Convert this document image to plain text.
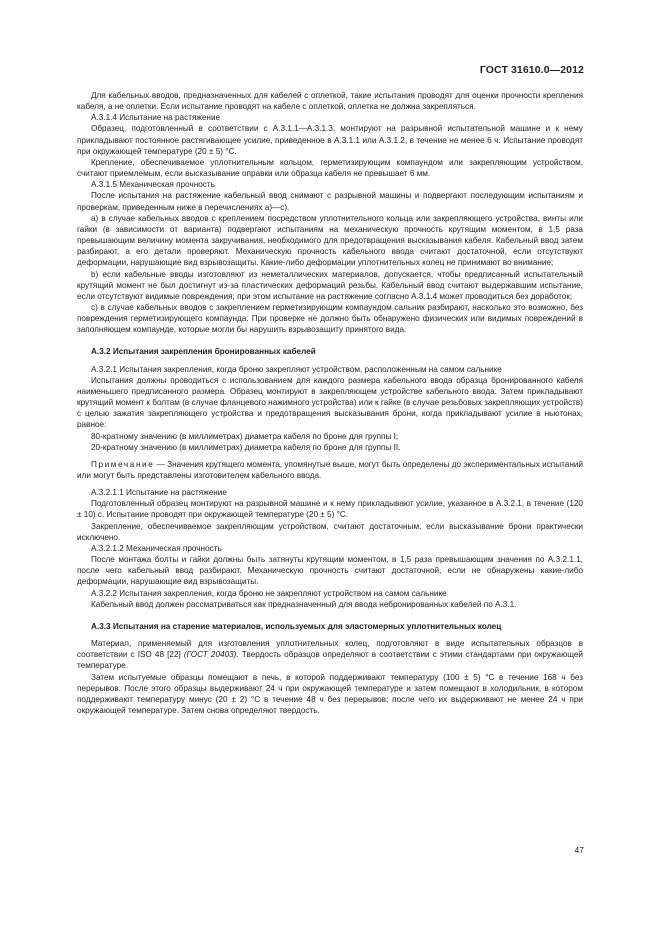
ГОСТ 31610.0—2012

Для кабельных вводов, предназначенных для кабелей с оплеткой, такие испытания проводят для оценки прочности крепления кабеля, а не оплетки. Если испытание проводят на кабеле с оплеткой, оплетка не должна закрепляться.

А.3.1.4 Испытание на растяжение

Образец, подготовленный в соответствии с А.3.1.1—А.3.1.3, монтируют на разрывной испытательной машине и к нему прикладывают постоянное растягивающее усилие, приведенное в А.3.1.1 или А.3.1.2, в течение не менее 6 ч. Испытание проводят при окружающей температуре (20 ± 5) °С.

Крепление, обеспечиваемое уплотнительным кольцом, герметизирующим компаундом или закрепляющим устройством, считают приемлемым, если высказывание оправки или образца кабеля не превышает 6 мм.

А.3.1.5 Механическая прочность

После испытания на растяжение кабельный ввод снимают с разрывной машины и подвергают последующим испытаниям и проверкам, приведенным ниже в перечислениях а)—с).

а) в случае кабельных вводов с креплением посредством уплотнительного кольца или закрепляющего устройства, винты или гайки (в зависимости от варианта) подвергают испытаниям на механическую прочность крутящим моментом, в 1,5 раза превышающим величину момента закручивания, необходимого для предотвращения высказывания кабеля. Кабельный ввод затем разбирают, а его детали проверяют. Механическую прочность кабельного ввода считают достаточной, если отсутствуют деформации, нарушающие вид взрывозащиты. Какие-либо деформации уплотнительных колец не принимают во внимание;

b) если кабельные вводы изготовляют из неметаллических материалов, допускается, чтобы предписанный испытательный крутящий момент не был достигнут из-за пластических деформаций резьбы. Кабельный ввод считают выдержавшим испытание, если отсутствуют видимые повреждения; при этом испытание на растяжение согласно А.3.1.4 может проводиться без доработок;

с) в случае кабельных вводов с закреплением герметизирующим компаундом сальник разбирают, насколько это возможно, без повреждения герметизирующего компаунда. При проверке не должно быть обнаружено физических или видимых повреждений в заполняющем компаунде, которые могли бы нарушить взрывозащиту принятого вида.

А.3.2 Испытания закрепления бронированных кабелей

А.3.2.1 Испытания закрепления, когда броню закрепляют устройством, расположенным на самом сальнике

Испытания должны проводиться с использованием для каждого размера кабельного ввода образца бронированного кабеля наименьшего предписанного размера. Образец монтируют в закрепляющем устройстве кабельного ввода. Затем прикладывают крутящий момент к болтам (в случае фланцевого нажимного устройства) или к гайке (в случае резьбовых закрепляющих устройств) с целью зажатия закрепляющего устройства и предотвращения высказывания брони, когда прикладывают усилие в ньютонах, равное:

80-кратному значению (в миллиметрах) диаметра кабеля по броне для группы I;

20-кратному значению (в миллиметрах) диаметра кабеля по броне для группы II.

Примечание — Значения крутящего момента, упомянутые выше, могут быть определены до экспериментальных испытаний или могут быть представлены изготовителем кабельного ввода.

А.3.2.1.1 Испытание на растяжение

Подготовленный образец монтируют на разрывной машине и к нему прикладывают усилие, указанное в А.3.2.1, в течение (120 ± 10) с. Испытание проводят при окружающей температуре (20 ± 5) °С.

Закрепление, обеспечиваемое закрепляющим устройством, считают достаточным, если высказывание брони практически исключено.

А.3.2.1.2 Механическая прочность

После монтажа болты и гайки должны быть затянуты крутящим моментом, в 1,5 раза превышающим значения по А.3.2.1.1, после чего кабельный ввод разбирают. Механическую прочность считают достаточной, если не обнаружены какие-либо деформации, нарушающие вид взрывозащиты.

А.3.2.2 Испытания закрепления, когда броню не закрепляют устройством на самом сальнике

Кабельный ввод должен рассматриваться как предназначенный для ввода небронированных кабелей по А.3.1.

А.3.3 Испытания на старение материалов, используемых для эластомерных уплотнительных колец

Материал, применяемый для изготовления уплотнительных колец, подготовляют в виде испытательных образцов в соответствии с ISO 48 [22] (ГОСТ 20403). Твердость образцов определяют в соответствии с этими стандартами при окружающей температуре.

Затем испытуемые образцы помещают в печь, в которой поддерживают температуру (100 ± 5) °С в течение 168 ч без перерывов. После этого образцы выдерживают 24 ч при окружающей температуре и затем помещают в холодильник, в котором поддерживают температуру минус (20 ± 2) °С в течение 48 ч без перерывов; после чего их выдерживают не менее 24 ч при окружающей температуре. Затем снова определяют твердость.

47
